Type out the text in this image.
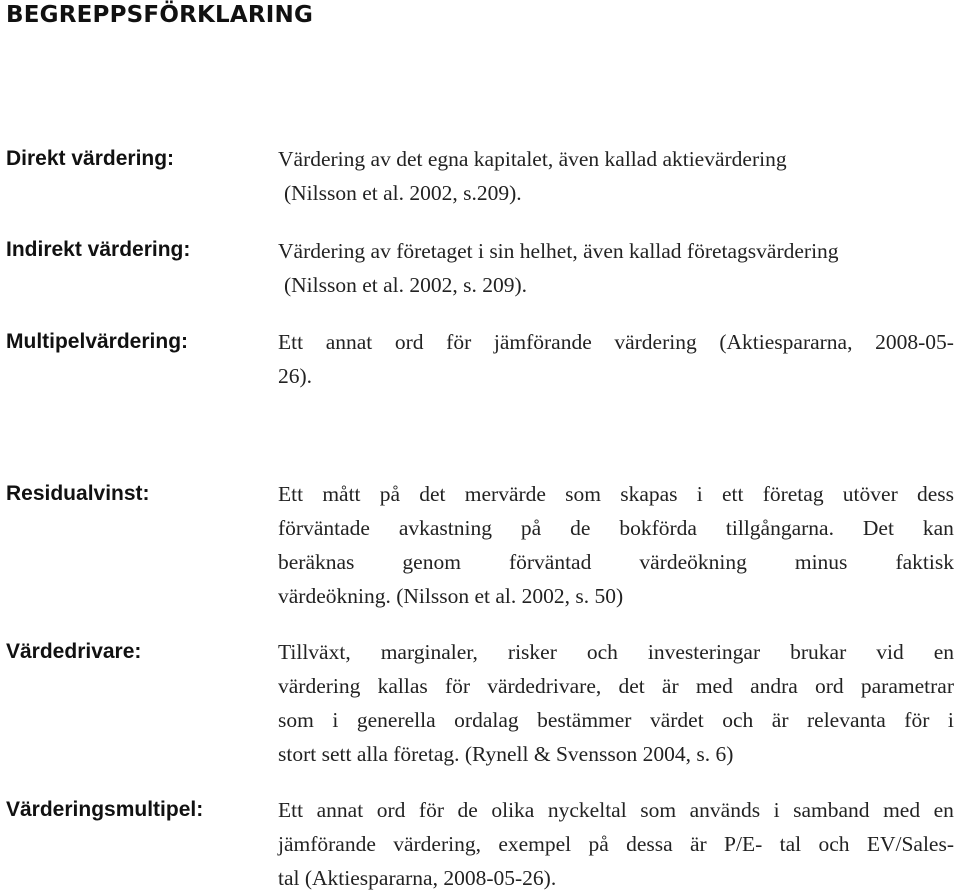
BEGREPPSFÖRKLARING
Direkt värdering:	Värdering av det egna kapitalet, även kallad aktievärdering
(Nilsson et al. 2002, s.209).
Indirekt värdering:	Värdering av företaget i sin helhet, även kallad företagsvärdering
(Nilsson et al. 2002, s. 209).
Multipelvärdering:	Ett annat ord för jämförande värdering (Aktiespararna, 2008-05-
26).
Residualvinst:	Ett mått på det mervärde som skapas i ett företag utöver dess
förväntade avkastning på de bokförda tillgångarna. Det kan
beräknas genom förväntad värdeökning minus faktisk
värdeökning. (Nilsson et al. 2002, s. 50)
Värdedrivare:	Tillväxt, marginaler, risker och investeringar brukar vid en
värdering kallas för värdedrivare, det är med andra ord parametrar
som i generella ordalag bestämmer värdet och är relevanta för i
stort sett alla företag. (Rynell & Svensson 2004, s. 6)
Värderingsmultipel:	Ett annat ord för de olika nyckeltal som används i samband med en
jämförande värdering, exempel på dessa är P/E- tal och EV/Sales-
tal (Aktiespararna, 2008-05-26).
